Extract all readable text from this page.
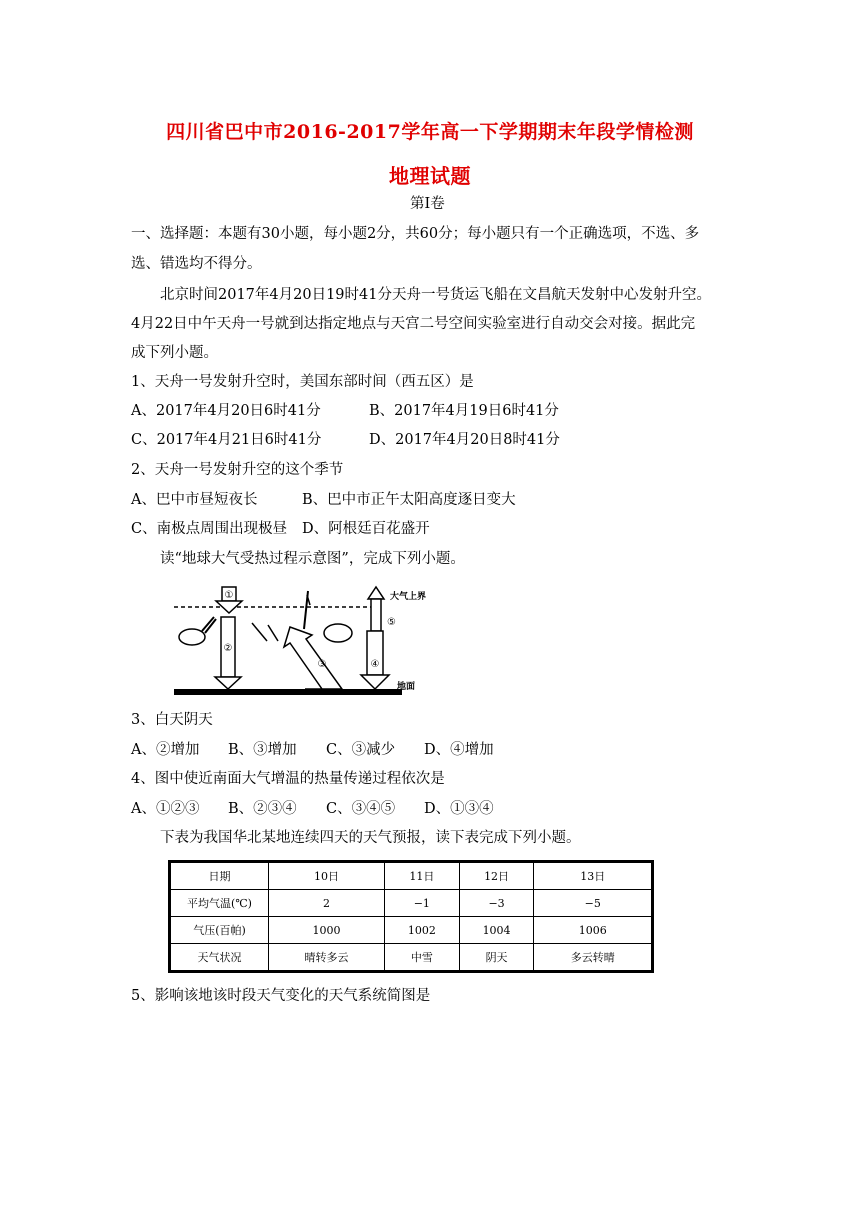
四川省巴中市2016-2017学年高一下学期期末年段学情检测
地理试题
第Ⅰ卷
一、选择题：本题有30小题，每小题2分，共60分；每小题只有一个正确选项，不选、多
选、错选均不得分。
北京时间2017年4月20日19时41分天舟一号货运飞船在文昌航天发射中心发射升空。
4月22日中午天舟一号就到达指定地点与天宫二号空间实验室进行自动交会对接。据此完
成下列小题。
1、天舟一号发射升空时，美国东部时间（西五区）是
A、2017年4月20日6时41分	B、2017年4月19日6时41分
C、2017年4月21日6时41分	D、2017年4月20日8时41分
2、天舟一号发射升空的这个季节
A、巴中市昼短夜长	B、巴中市正午太阳高度逐日变大
C、南极点周围出现极昼 D、阿根廷百花盛开
读“地球大气受热过程示意图”，完成下列小题。
①
②
③
⑤
④
大气上界
地面
3、白天阴天
A、②增加 B、③增加 C、③减少 D、④增加
4、图中使近南面大气增温的热量传递过程依次是
A、①②③ B、②③④ C、③④⑤ D、①③④
下表为我国华北某地连续四天的天气预报，读下表完成下列小题。
日期	10日	11日	12日	13日
平均气温(℃)	2	−1	−3	−5
气压(百帕)	1000	1002	1004	1006
天气状况	晴转多云	中雪	阴天	多云转晴
5、影响该地该时段天气变化的天气系统简图是
